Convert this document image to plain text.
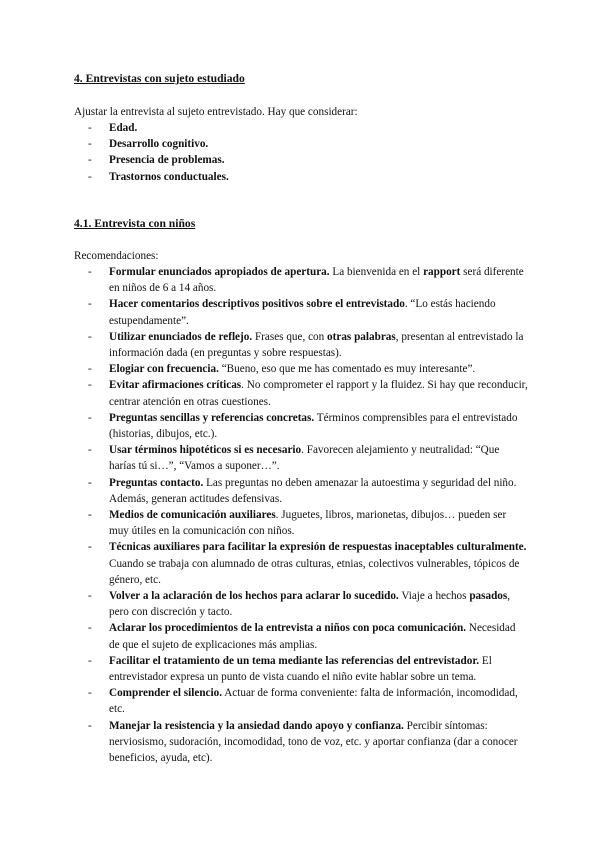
4. Entrevistas con sujeto estudiado
Ajustar la entrevista al sujeto entrevistado. Hay que considerar:
- Edad.
- Desarrollo cognitivo.
- Presencia de problemas.
- Trastornos conductuales.
4.1. Entrevista con niños
Recomendaciones:
- Formular enunciados apropiados de apertura. La bienvenida en el rapport será diferente en niños de 6 a 14 años.
- Hacer comentarios descriptivos positivos sobre el entrevistado. “Lo estás haciendo estupendamente”.
- Utilizar enunciados de reflejo. Frases que, con otras palabras, presentan al entrevistado la información dada (en preguntas y sobre respuestas).
- Elogiar con frecuencia. “Bueno, eso que me has comentado es muy interesante”.
- Evitar afirmaciones críticas. No comprometer el rapport y la fluidez. Si hay que reconducir, centrar atención en otras cuestiones.
- Preguntas sencillas y referencias concretas. Términos comprensibles para el entrevistado (historias, dibujos, etc.).
- Usar términos hipotéticos si es necesario. Favorecen alejamiento y neutralidad: “Que harías tú si…”, “Vamos a suponer…”.
- Preguntas contacto. Las preguntas no deben amenazar la autoestima y seguridad del niño. Además, generan actitudes defensivas.
- Medios de comunicación auxiliares. Juguetes, libros, marionetas, dibujos… pueden ser muy útiles en la comunicación con niños.
- Técnicas auxiliares para facilitar la expresión de respuestas inaceptables culturalmente. Cuando se trabaja con alumnado de otras culturas, etnias, colectivos vulnerables, tópicos de género, etc.
- Volver a la aclaración de los hechos para aclarar lo sucedido. Viaje a hechos pasados, pero con discreción y tacto.
- Aclarar los procedimientos de la entrevista a niños con poca comunicación. Necesidad de que el sujeto de explicaciones más amplias.
- Facilitar el tratamiento de un tema mediante las referencias del entrevistador. El entrevistador expresa un punto de vista cuando el niño evite hablar sobre un tema.
- Comprender el silencio. Actuar de forma conveniente: falta de información, incomodidad, etc.
- Manejar la resistencia y la ansiedad dando apoyo y confianza. Percibir síntomas: nerviosismo, sudoración, incomodidad, tono de voz, etc. y aportar confianza (dar a conocer beneficios, ayuda, etc).
